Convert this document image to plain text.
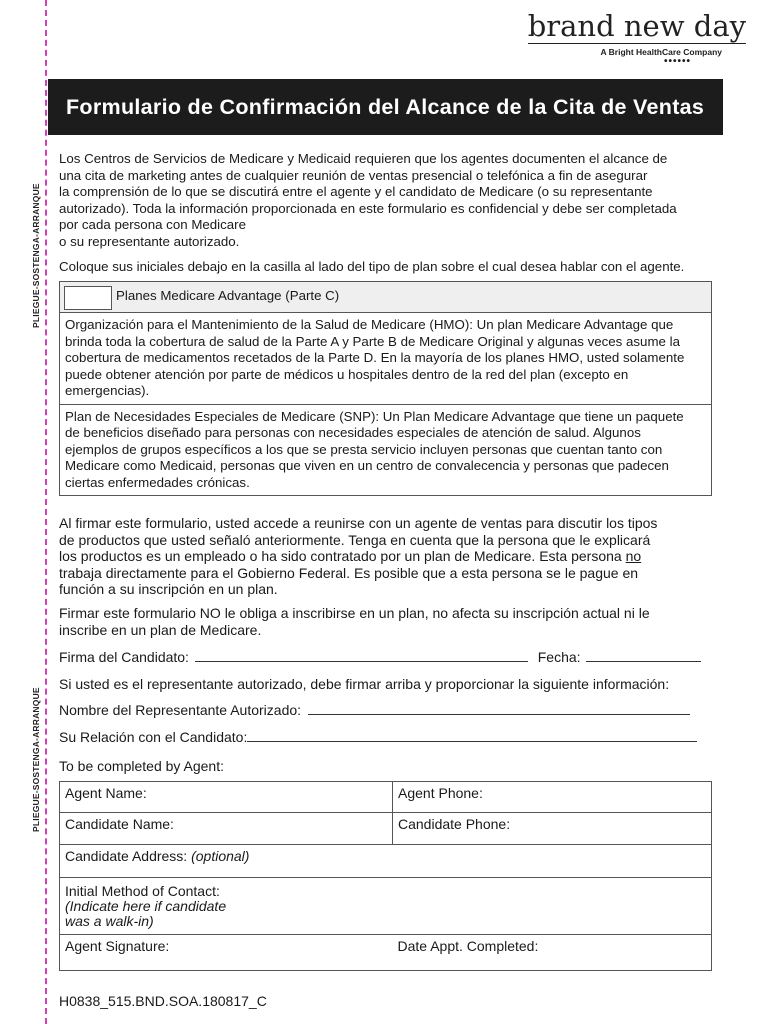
PLIEGUE-SOSTENGA-ARRANQUE
PLIEGUE-SOSTENGA-ARRANQUE
brand new day
A Bright HealthCare Company
••••••
Formulario de Confirmación del Alcance de la Cita de Ventas
Los Centros de Servicios de Medicare y Medicaid requieren que los agentes documenten el alcance de
una cita de marketing antes de cualquier reunión de ventas presencial o telefónica a fin de asegurar
la comprensión de lo que se discutirá entre el agente y el candidato de Medicare (o su representante
autorizado). Toda la información proporcionada en este formulario es confidencial y debe ser completada
por cada persona con Medicare
o su representante autorizado.
Coloque sus iniciales debajo en la casilla al lado del tipo de plan sobre el cual desea hablar con el agente.
Planes Medicare Advantage (Parte C)
Organización para el Mantenimiento de la Salud de Medicare (HMO): Un plan Medicare Advantage que
brinda toda la cobertura de salud de la Parte A y Parte B de Medicare Original y algunas veces asume la
cobertura de medicamentos recetados de la Parte D. En la mayoría de los planes HMO, usted solamente
puede obtener atención por parte de médicos u hospitales dentro de la red del plan (excepto en
emergencias).
Plan de Necesidades Especiales de Medicare (SNP): Un Plan Medicare Advantage que tiene un paquete
de beneficios diseñado para personas con necesidades especiales de atención de salud. Algunos
ejemplos de grupos específicos a los que se presta servicio incluyen personas que cuentan tanto con
Medicare como Medicaid, personas que viven en un centro de convalecencia y personas que padecen
ciertas enfermedades crónicas.
Al firmar este formulario, usted accede a reunirse con un agente de ventas para discutir los tipos
de productos que usted señaló anteriormente. Tenga en cuenta que la persona que le explicará
los productos es un empleado o ha sido contratado por un plan de Medicare. Esta persona no
trabaja directamente para el Gobierno Federal. Es posible que a esta persona se le pague en
función a su inscripción en un plan.
Firmar este formulario NO le obliga a inscribirse en un plan, no afecta su inscripción actual ni le
inscribe en un plan de Medicare.
Firma del Candidato:	Fecha:
Si usted es el representante autorizado, debe firmar arriba y proporcionar la siguiente información:
Nombre del Representante Autorizado:
Su Relación con el Candidato:
To be completed by Agent:
Agent Name:	Agent Phone:
Candidate Name:	Candidate Phone:
Candidate Address: (optional)	

Initial Method of Contact:
(Indicate here if candidate
was a walk-in)	

Agent Signature:	Date Appt. Completed:
H0838_515.BND.SOA.180817_C
